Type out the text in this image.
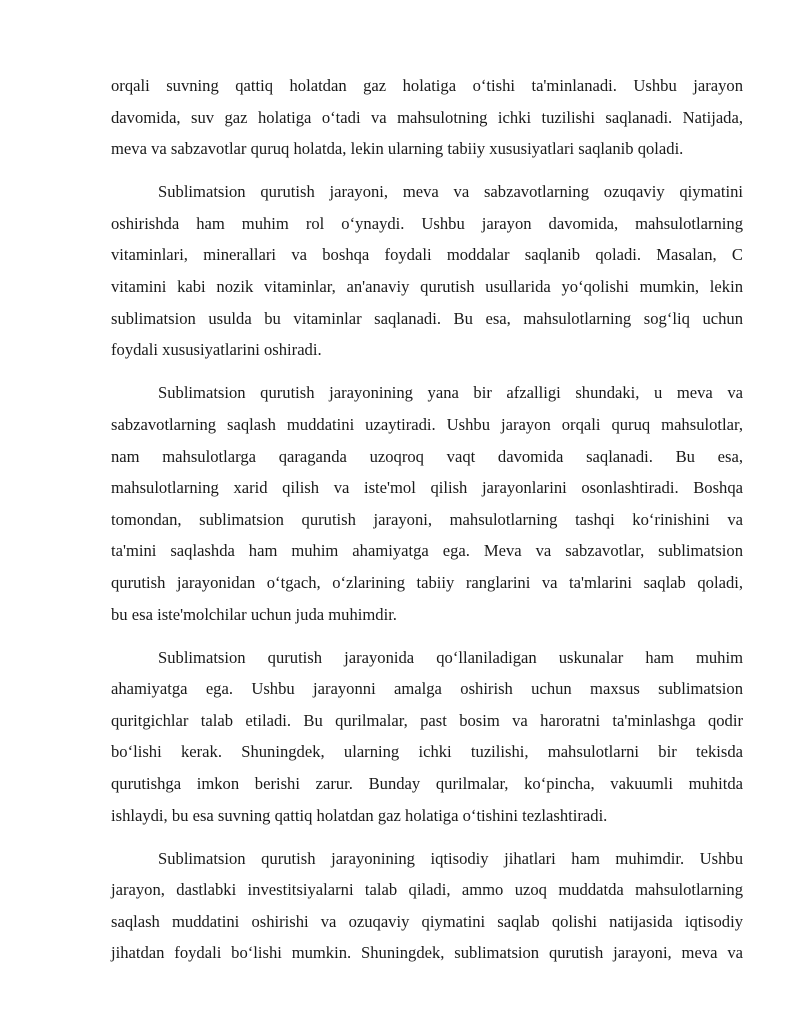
orqali suvning qattiq holatdan gaz holatiga o‘tishi ta'minlanadi. Ushbu jarayon
davomida, suv gaz holatiga o‘tadi va mahsulotning ichki tuzilishi saqlanadi. Natijada,
meva va sabzavotlar quruq holatda, lekin ularning tabiiy xususiyatlari saqlanib qoladi.
Sublimatsion qurutish jarayoni, meva va sabzavotlarning ozuqaviy qiymatini
oshirishda ham muhim rol o‘ynaydi. Ushbu jarayon davomida, mahsulotlarning
vitaminlari, minerallari va boshqa foydali moddalar saqlanib qoladi. Masalan, C
vitamini kabi nozik vitaminlar, an'anaviy qurutish usullarida yo‘qolishi mumkin, lekin
sublimatsion usulda bu vitaminlar saqlanadi. Bu esa, mahsulotlarning sog‘liq uchun
foydali xususiyatlarini oshiradi.
Sublimatsion qurutish jarayonining yana bir afzalligi shundaki, u meva va
sabzavotlarning saqlash muddatini uzaytiradi. Ushbu jarayon orqali quruq mahsulotlar,
nam mahsulotlarga qaraganda uzoqroq vaqt davomida saqlanadi. Bu esa,
mahsulotlarning xarid qilish va iste'mol qilish jarayonlarini osonlashtiradi. Boshqa
tomondan, sublimatsion qurutish jarayoni, mahsulotlarning tashqi ko‘rinishini va
ta'mini saqlashda ham muhim ahamiyatga ega. Meva va sabzavotlar, sublimatsion
qurutish jarayonidan o‘tgach, o‘zlarining tabiiy ranglarini va ta'mlarini saqlab qoladi,
bu esa iste'molchilar uchun juda muhimdir.
Sublimatsion qurutish jarayonida qo‘llaniladigan uskunalar ham muhim
ahamiyatga ega. Ushbu jarayonni amalga oshirish uchun maxsus sublimatsion
quritgichlar talab etiladi. Bu qurilmalar, past bosim va haroratni ta'minlashga qodir
bo‘lishi kerak. Shuningdek, ularning ichki tuzilishi, mahsulotlarni bir tekisda
qurutishga imkon berishi zarur. Bunday qurilmalar, ko‘pincha, vakuumli muhitda
ishlaydi, bu esa suvning qattiq holatdan gaz holatiga o‘tishini tezlashtiradi.
Sublimatsion qurutish jarayonining iqtisodiy jihatlari ham muhimdir. Ushbu
jarayon, dastlabki investitsiyalarni talab qiladi, ammo uzoq muddatda mahsulotlarning
saqlash muddatini oshirishi va ozuqaviy qiymatini saqlab qolishi natijasida iqtisodiy
jihatdan foydali bo‘lishi mumkin. Shuningdek, sublimatsion qurutish jarayoni, meva va
